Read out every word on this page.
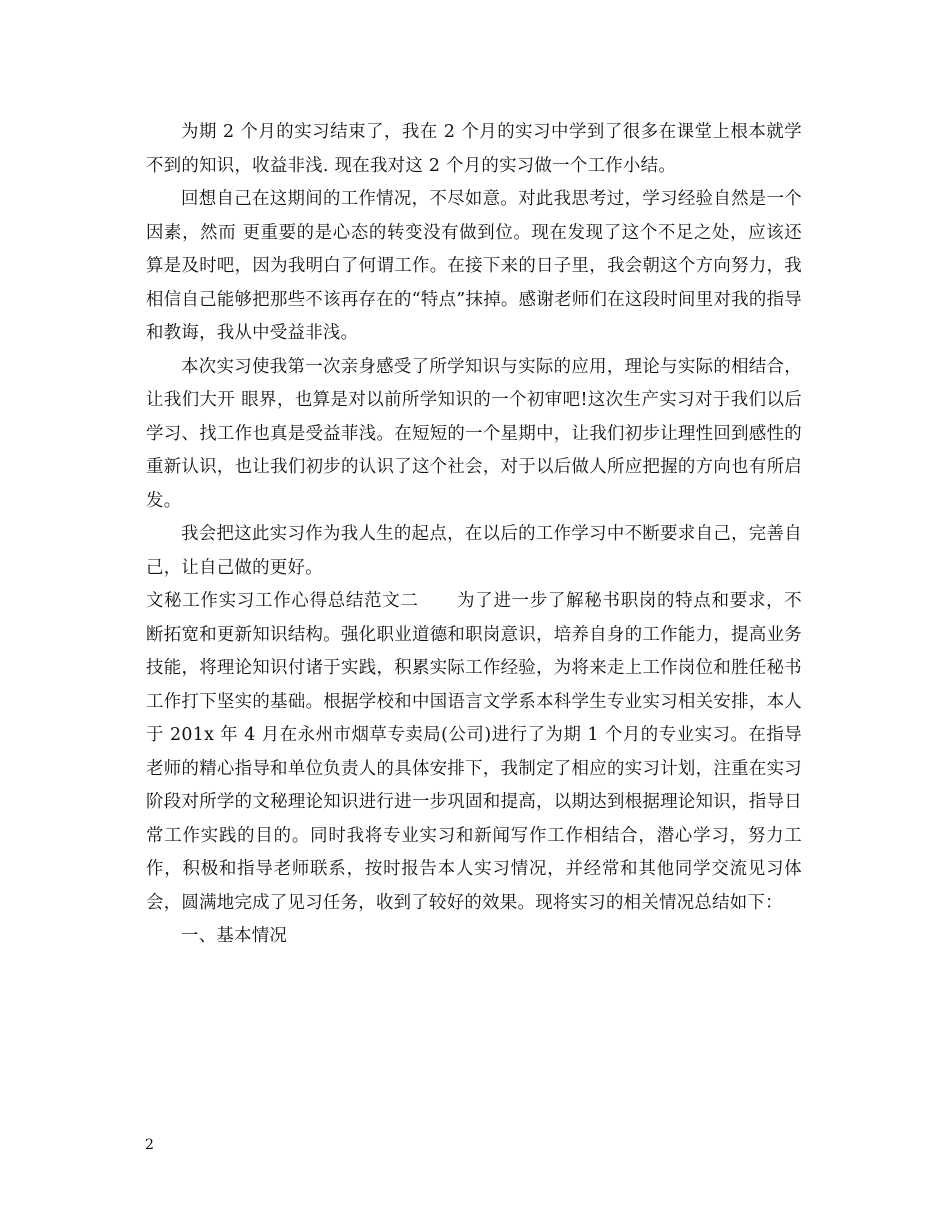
为期 2 个月的实习结束了，我在 2 个月的实习中学到了很多在课堂上根本就学不到的知识，收益非浅. 现在我对这 2 个月的实习做一个工作小结。

回想自己在这期间的工作情况，不尽如意。对此我思考过，学习经验自然是一个因素，然而 更重要的是心态的转变没有做到位。现在发现了这个不足之处，应该还算是及时吧，因为我明白了何谓工作。在接下来的日子里，我会朝这个方向努力，我相信自己能够把那些不该再存在的“特点”抹掉。感谢老师们在这段时间里对我的指导和教诲，我从中受益非浅。

本次实习使我第一次亲身感受了所学知识与实际的应用，理论与实际的相结合，让我们大开 眼界，也算是对以前所学知识的一个初审吧!这次生产实习对于我们以后学习、找工作也真是受益菲浅。在短短的一个星期中，让我们初步让理性回到感性的重新认识，也让我们初步的认识了这个社会，对于以后做人所应把握的方向也有所启发。

我会把这此实习作为我人生的起点，在以后的工作学习中不断要求自己，完善自己，让自己做的更好。

文秘工作实习工作心得总结范文二 为了进一步了解秘书职岗的特点和要求，不断拓宽和更新知识结构。强化职业道德和职岗意识，培养自身的工作能力，提高业务技能，将理论知识付诸于实践，积累实际工作经验，为将来走上工作岗位和胜任秘书工作打下坚实的基础。根据学校和中国语言文学系本科学生专业实习相关安排，本人于 201x 年 4 月在永州市烟草专卖局(公司)进行了为期 1 个月的专业实习。在指导老师的精心指导和单位负责人的具体安排下，我制定了相应的实习计划，注重在实习阶段对所学的文秘理论知识进行进一步巩固和提高，以期达到根据理论知识，指导日常工作实践的目的。同时我将专业实习和新闻写作工作相结合，潜心学习，努力工作，积极和指导老师联系，按时报告本人实习情况，并经常和其他同学交流见习体会，圆满地完成了见习任务，收到了较好的效果。现将实习的相关情况总结如下：

一、基本情况

2
